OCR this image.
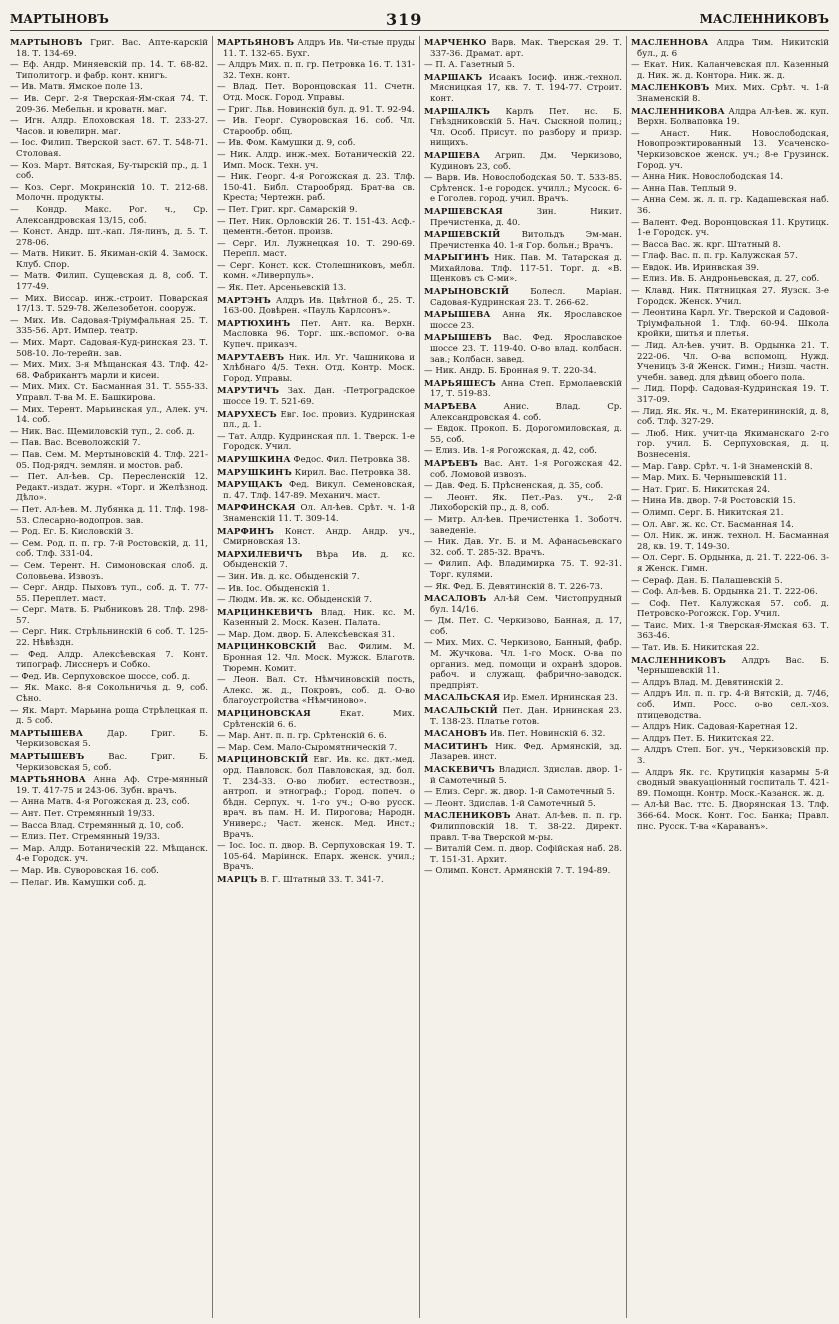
МАРТЫНОВЪ	319	МАСЛЕННИКОВЪ
МАРТЫНОВЪ Григ. Вас. Апте-карскій 18. Т. 134-69.
— Еф. Андр. Миняевскій пр. 14. Т. 68-82. Типолитогр. и фабр. конт. книгъ.
— Ив. Матв. Ямское поле 13.
— Ив. Серг. 2-я Тверская-Ям-ская 74. Т. 209-36. Мебельн. и кроватн. маг.
— Игн. Алдр. Елоховская 18. Т. 233-27. Часов. и ювелирн. маг.
— Іос. Филип. Тверской заст. 67. Т. 548-71. Столовая.
— Коз. Март. Вятская, Бу-тырскій пр., д. 1 соб.
— Коз. Серг. Мокринскій 10. Т. 212-68. Молочн. продукты.
— Кондр. Макс. Рог. ч., Ср. Александровская 13/15, соб.
— Конст. Андр. шт.-кап. Ля-линъ, д. 5. Т. 278-06.
— Матв. Никит. Б. Якиман-скій 4. Замоск. Клуб. Спор.
— Матв. Филип. Сущевская д. 8, соб. Т. 177-49.
— Мих. Виссар. инж.-строит. Поварская 17/13. Т. 529-78. Железобетон. сооруж.
— Мих. Ив. Садовая-Тріумфальная 25. Т. 335-56. Арт. Импер. театр.
— Мих. Март. Садовая-Куд-ринская 23. Т. 508-10. Ло-терейн. зав.
— Мих. Мих. 3-я Мѣщанская 43. Тлф. 42-68. Фабрикантъ марли и кисеи.
— Мих. Мих. Ст. Басманная 31. Т. 555-33. Управл. Т-ва М. Е. Башкирова.
— Мих. Терент. Марьинская ул., Алек. уч. 14. соб.
— Ник. Вас. Щемиловскій туп., 2. соб. д.
— Пав. Вас. Всеволожскій 7.
— Пав. Сем. М. Мертыновскій 4. Тлф. 221-05. Под-рядч. землян. и мостов. раб.
— Пет. Ал-ѣев. Ср. Пересленскій 12. Редакт.-издат. журн. «Торг. и Желѣзнод. Дѣло».
— Пет. Ал-ѣев. М. Лубянка д. 11. Тлф. 198-53. Слесарно-водопров. зав.
— Род. Ег. Б. Кисловскій 3.
— Сем. Род. п. п. гр. 7-й Ростовскій, д. 11, соб. Тлф. 331-04.
— Сем. Терент. Н. Симоновская слоб. д. Соловьева. Извозъ.
— Серг. Андр. Пыховъ туп., соб. д. Т. 77-55. Переплет. маст.
— Серг. Матв. Б. Рыбниковъ 28. Тлф. 298-57.
— Серг. Ник. Стрѣльнинскій 6 соб. Т. 125-22. Нѣвѣздн.
— Фед. Алдр. Алексѣевская 7. Конт. типограф. Лисснеръ и Собко.
— Фед. Ив. Серпуховское шоссе, соб. д.
— Як. Макс. 8-я Сокольничья д. 9, соб. Сѣно.
— Як. Март. Марьина роща Стрѣлецкая п. д. 5 соб.
МАРТЫШЕВА	Дар. Григ. Б. Черкизовская 5.
МАРТЫШЕВЪ	Вас. Григ. Б. Черкизовская 5, соб.
МАРТЬЯНОВА Анна Аф. Стре-мянный 19. Т. 417-75 и 243-06. Зубн. врачъ.
— Анна Матв. 4-я Рогожская д. 23, соб.
— Ант. Пет. Стремянный 19/33.
— Васса Влад. Стремянный д. 10, соб.
— Елиз. Пет. Стремянный 19/33.
— Мар. Алдр. Ботаническій 22. Мѣщанск. 4-е Городск. уч.
— Мар. Ив. Суворовская 16. соб.
— Пелаг. Ив. Камушки соб. д.
МАРТЬЯНОВЪ Алдръ Ив. Чи-стые пруды 11. Т. 132-65. Бухг.
— Алдръ Мих. п. п. гр. Петровка 16. Т. 131-32. Техн. конт.
— Влад. Пет. Воронцовская 11. Счетн. Отд. Моск. Город. Управы.
— Григ. Льв. Новинскій бул. д. 91. Т. 92-94.
— Ив. Георг. Суворовская 16. соб. Чл. Старообр. общ.
— Ив. Фом. Камушки д. 9, соб.
— Ник. Алдр. инж.-мех. Ботаническій 22. Имп. Моск. Техн. уч.
— Ник. Георг. 4-я Рогожская д. 23. Тлф. 150-41. Библ. Старообряд. Брат-ва св. Креста; Чертежн. раб.
— Пет. Григ. крг. Самарскій 9.
— Пет. Ник. Орловскій 26. Т. 151-43. Асф.-цементн.-бетон. произв.
— Серг. Ил. Лужнецкая 10. Т. 290-69. Перепл. маст.
— Серг. Конст. кск. Столешниковъ, мебл. комн. «Ливерпуль».
— Як. Пет. Арсеньевскій 13.
МАРТЭНЪ Алдръ Ив. Цвѣтной б., 25. Т. 163-00. Довѣрен. «Пауль Карлсонъ».
МАРТЮХИНЪ Пет. Ант. ка. Верхн. Масловка 96. Торг. шк.-вспомог. о-ва Купеч. приказч.
МАРУТАЕВЪ Ник. Ил. Уг. Чашникова и Хлѣбнаго 4/5. Техн. Отд. Контр. Моск. Город. Управы.
МАРУТИЧЪ Зах. Дан. -Петроградское шоссе 19. Т. 521-69.
МАРУХЕСЪ Евг. Іос. провиз. Кудринская пл., д. 1.
— Тат. Алдр. Кудринская пл. 1. Тверск. 1-е Городск. Учил.
МАРУШКИНА Федос. Фил. Петровка 38.
МАРУШКИНЪ Кирил. Вас. Петровка 38.
МАРУЩАКЪ Фед. Викул. Семеновская, п. 47. Тлф. 147-89. Механич. маст.
МАРФИНСКАЯ Ол. Ал-ѣев. Срѣт. ч. 1-й Знаменскій 11. Т. 309-14.
МАРФИНЪ Конст. Андр. Андр. уч., Смирновская 13.
МАРХИЛЕВИЧЪ Вѣра Ив. д. кс. Обыденскій 7.
— Зин. Ив. д. кс. Обыденскій 7.
— Ив. Іос. Обыденскій 1.
— Людм. Ив. ж. кс. Обыденскій 7.
МАРЦИНКЕВИЧЪ Влад. Ник. кс. М. Казенный 2. Моск. Казен. Палата.
— Мар. Дом. двор. Б. Алексѣевская 31.
МАРЦИНКОВСКІЙ Вас. Филим. М. Бронная 12. Чл. Моск. Мужск. Благотв. Тюремн. Комит.
— Леон. Вал. Ст. Нѣмчиновскій пость, Алекс. ж. д., Покровъ, соб. д. О-во благоустройства «Нѣмчиново».
МАРЦИНОВСКАЯ	Екат. Мих. Срѣтенскій 6. 6.
— Мар. Ант. п. п. гр. Срѣтенскій 6. 6.
— Мар. Сем. Мало-Сыромятническій 7.
МАРЦИНОВСКІЙ Евг. Ив. кс. дкт.-мед. орд. Павловск. бол Павловская, зд. бол. Т. 234-33. О-во любит. естествозн., антроп. и этнограф.; Город. попеч. о бѣдн. Серпух. ч. 1-го уч.; О-во русск. врач. въ пам. Н. И. Пирогова; Народн. Универс.; Част. женск. Мед. Инст.; Врачъ.
— Іос. Іос. п. двор. В. Серпуховская 19. Т. 105-64. Маріинск. Епарх. женск. учил.; Врачъ.
МАРЦЪ В. Г. Штатный 33. Т. 341-7.
МАРЧЕНКО Варв. Мак. Тверская 29. Т. 337-36. Драмат. арт.
— П. А. Газетный 5.
МАРШАКЪ Исаакъ Іосиф. инж.-технол. Мясницкая 17, кв. 7. Т. 194-77. Строит. конт.
МАРШАЛКЪ Карлъ Пет. нс. Б. Гнѣздниковскій 5. Нач. Сыскной полиц.; Чл. Особ. Присут. по разбору и призр. нищихъ.
МАРШЕВА Агрип. Дм. Черкизово, Кудиновъ 23, соб.
— Варв. Ив. Новослободская 50. Т. 533-85. Срѣтенск. 1-е городск. училл.; Мусоск. 6-е Гоголев. город. учил. Врачъ.
МАРШЕВСКАЯ	Зин. Никит. Пречистенка, д. 40.
МАРШЕВСКІЙ Витольдъ Эм-ман. Пречистенка 40. 1-я Гор. больн.; Врачъ.
МАРЫГИНЪ Ник. Пав. М. Татарская д. Михайлова. Тлф. 117-51. Торг. д. «В. Щенковъ съ С-ми».
МАРЫНОВСКІЙ Болесл. Маріан. Садовая-Кудринская 23. Т. 266-62.
МАРЫШЕВА Анна Як. Ярославское шоссе 23.
МАРЫШЕВЪ Вас. Фед. Ярославское шоссе 23. Т. 119-40. О-во влад. колбасн. зав.; Колбасн. завед.
— Ник. Андр. Б. Бронная 9. Т. 220-34.
МАРЬЯШЕСЪ Анна Степ. Ермолаевскій 17, Т. 519-83.
МАРѢЕВА	Анис. Влад. Ср. Александровская 4. соб.
— Евдок. Прокоп. Б. Дорогомиловская, д. 55, соб.
— Елиз. Ив. 1-я Рогожская, д. 42, соб.
МАРѢЕВЪ Вас. Ант. 1-я Рогожская 42. соб. Ломовой извозъ.
— Дав. Фед. Б. Прѣсненская, д. 35, соб.
— Леонт. Як. Пет.-Раз. уч., 2-й Лихоборскій пр., д. 8, соб.
— Митр. Ал-ѣев. Пречистенка 1. Зоботч. заведеніе.
— Ник. Дав. Уг. Б. и М. Афанасьевскаго 32. соб. Т. 285-32. Врачъ.
— Филип. Аф. Владимирка 75. Т. 92-31. Торг. кулями.
— Як. Фед. Б. Девятинскій 8. Т. 226-73.
МАСАЛОВЪ Ал-ѣй Сем. Чистопрудный бул. 14/16.
— Дм. Пет. С. Черкизово, Банная, д. 17, соб.
— Мих. Мих. С. Черкизово, Банный, фабр. М. Жучкова. Чл. 1-го Моск. О-ва по организ. мед. помощи и охранѣ здоров. рабоч. и служащ. фабрично-заводск. предпріят.
МАСАЛЬСКАЯ Ир. Емел. Ирнинская 23.
МАСАЛЬСКІЙ Пет. Дан. Ирнинская 23. Т. 138-23. Платье готов.
МАСАНОВЪ Ив. Пет. Новинскій 6. 32.
МАСИТИНЪ Ник. Фед. Армянскій, зд. Лазарев. инст.
МАСКЕВИЧЪ Владисл. Здислав. двор. 1-й Самотечный 5.
— Елиз. Серг. ж. двор. 1-й Самотечный 5.
— Леонт. Здислав. 1-й Самотечный 5.
МАСЛЕНИКОВЪ Анат. Ал-ѣев. п. п. гр. Филипповскій 18. Т. 38-22. Директ. правл. Т-ва Тверской м-ры.
— Виталій Сем. п. двор. Софійская наб. 28. Т. 151-31. Архит.
— Олимп. Конст. Армянскій 7. Т. 194-89.
МАСЛЕННОВА Алдра Тим. Никитскій бул., д. 6
— Екат. Ник. Каланчевская пл. Казенный д. Ник. ж. д. Контора. Ник. ж. д.
МАСЛЕНКОВЪ Мих. Мих. Срѣт. ч. 1-й Знаменскій 8.
МАСЛЕННИКОВА Алдра Ал-ѣев. ж. куп. Верхн. Болваповка 19.
— Анаст. Ник. Новослободская, Новопроэктированный 13. Усаченско-Черкизовское женск. уч.; 8-е Грузинск. Город. уч.
— Анна Ник. Новослободская 14.
— Анна Пав. Теплый 9.
— Анна Сем. ж. л. п. гр. Кадашевская наб. 36.
— Валент. Фед. Воронцовская 11. Крутицк. 1-е Городск. уч.
— Васса Вас. ж. крг. Штатный 8.
— Глаф. Вас. п. п. гр. Калужская 57.
— Евдок. Ив. Иринвская 39.
— Елиз. Ив. Б. Андроньевская, д. 27, соб.
— Клавд. Ник. Пятницкая 27. Яузск. 3-е Городск. Женск. Учил.
— Леонтина Карл. Уг. Тверской и Садовой-Тріумфальной 1. Тлф. 60-94. Школа кройки, шитья и плетья.
— Лид. Ал-ѣев. учит. В. Ордынка 21. Т. 222-06. Чл. О-ва вспомощ. Нужд. Ученицъ 3-й Женск. Гимн.; Низш. частн. учебн. завед. для дѣвиц обоего пола.
— Лид. Порф. Садовая-Кудринская 19. Т. 317-09.
— Лид. Як. Як. ч., М. Екатерининскій, д. 8, соб. Тлф. 327-29.
— Люб. Ник. учит-ца Якиманскаго 2-го гор. учил. Б. Серпуховская, д. ц. Вознесенія.
— Мар. Гавр. Срѣт. ч. 1-й Знаменскій 8.
— Мар. Мих. Б. Чернышевскій 11.
— Нат. Григ. Б. Никитская 24.
— Нина Ив. двор. 7-й Ростовскій 15.
— Олимп. Серг. Б. Никитская 21.
— Ол. Авг. ж. кс. Ст. Басманная 14.
— Ол. Ник. ж. инж. технол. Н. Басманная 28, кв. 19. Т. 149-30.
— Ол. Серг. Б. Ордынка, д. 21. Т. 222-06. 3-я Женск. Гимн.
— Сераф. Дан. Б. Палашевскій 5.
— Соф. Ал-ѣев. Б. Ордынка 21. Т. 222-06.
— Соф. Пет. Калужская 57. соб. д. Петровско-Рогожск. Гор. Учил.
— Таис. Мих. 1-я Тверская-Ямская 63. Т. 363-46.
— Тат. Ив. Б. Никитская 22.
МАСЛЕННИКОВЪ Алдръ Вас. Б. Чернышевскій 11.
— Алдръ Влад. М. Девятинскій 2.
— Алдръ Ил. п. п. гр. 4-й Вятскій, д. 7/46, соб. Имп. Росс. о-во сел.-хоз. птицеводства.
— Алдръ Ник. Садовая-Каретная 12.
— Алдръ Пет. Б. Никитская 22.
— Алдръ Степ. Бог. уч., Черкизовскій пр. 3.
— Алдръ Як. гс. Крутицкія казармы 5-й сводный эвакуаціонный госпиталь Т. 421-89. Помощн. Контр. Моск.-Казанск. ж. д.
— Ал-ѣй Вас. ттс. Б. Дворянская 13. Тлф. 366-64. Моск. Конт. Гос. Банка; Правл. пнс. Русск. Т-ва «Караванъ».
